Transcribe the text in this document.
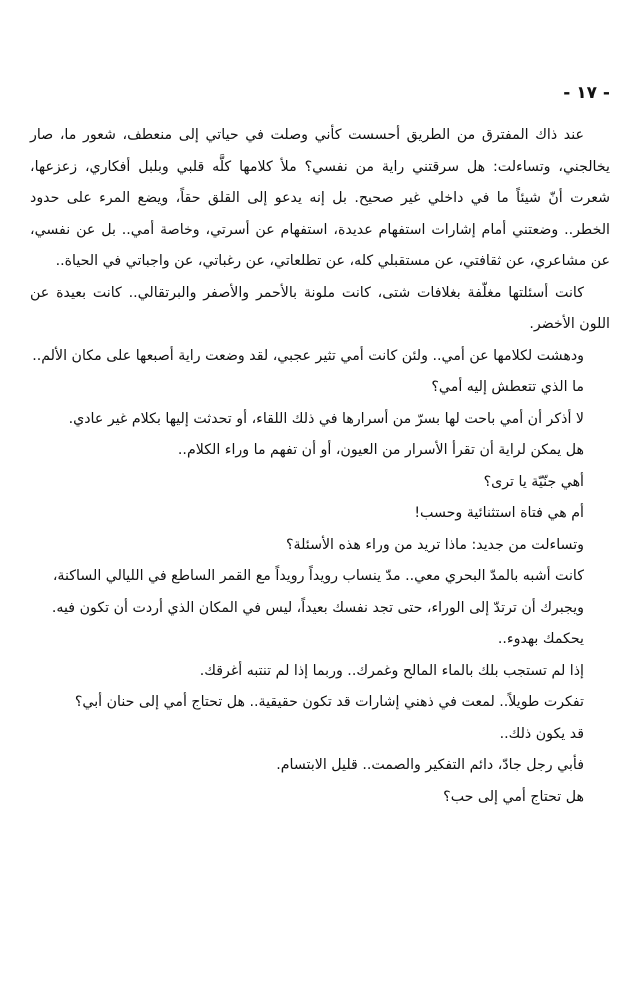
- ١٧ -

عند ذاك المفترق من الطريق أحسست كأني وصلت في حياتي إلى منعطف، شعور ما، صار يخالجني، وتساءلت: هل سرقتني راية من نفسي؟ ملأ كلامها كلَّه قلبي وبلبل أفكاري، زعزعها، شعرت أنّ شيئاً ما في داخلي غير صحيح. بل إنه يدعو إلى القلق حقاً، ويضع المرء على حدود الخطر.. وضعتني أمام إشارات استفهام عديدة، استفهام عن أسرتي، وخاصة أمي.. بل عن نفسي، عن مشاعري، عن ثقافتي، عن مستقبلي كله، عن تطلعاتي، عن رغباتي، عن واجباتي في الحياة..

كانت أسئلتها مغلّفة بغلافات شتى، كانت ملونة بالأحمر والأصفر والبرتقالي.. كانت بعيدة عن اللون الأخضر.

ودهشت لكلامها عن أمي.. ولئن كانت أمي تثير عجبي، لقد وضعت راية أصبعها على مكان الألم..

ما الذي تتعطش إليه أمي؟

لا أذكر أن أمي باحت لها بسرّ من أسرارها في ذلك اللقاء، أو تحدثت إليها بكلام غير عادي.

هل يمكن لراية أن تقرأ الأسرار من العيون، أو أن تفهم ما وراء الكلام..

أهي جنّيّة يا ترى؟

أم هي فتاة استثنائية وحسب!

وتساءلت من جديد: ماذا تريد من وراء هذه الأسئلة؟

كانت أشبه بالمدّ البحري معي.. مدّ ينساب رويداً رويداً مع القمر الساطع في الليالي الساكنة،

ويجبرك أن ترتدّ إلى الوراء، حتى تجد نفسك بعيداً، ليس في المكان الذي أردت أن تكون فيه.

يحكمك بهدوء..

إذا لم تستجب بلك بالماء المالح وغمرك.. وربما إذا لم تنتبه أغرقك.

تفكرت طويلاً.. لمعت في ذهني إشارات قد تكون حقيقية.. هل تحتاج أمي إلى حنان أبي؟

قد يكون ذلك..

فأبي رجل جادّ، دائم التفكير والصمت.. قليل الابتسام.

هل تحتاج أمي إلى حب؟
